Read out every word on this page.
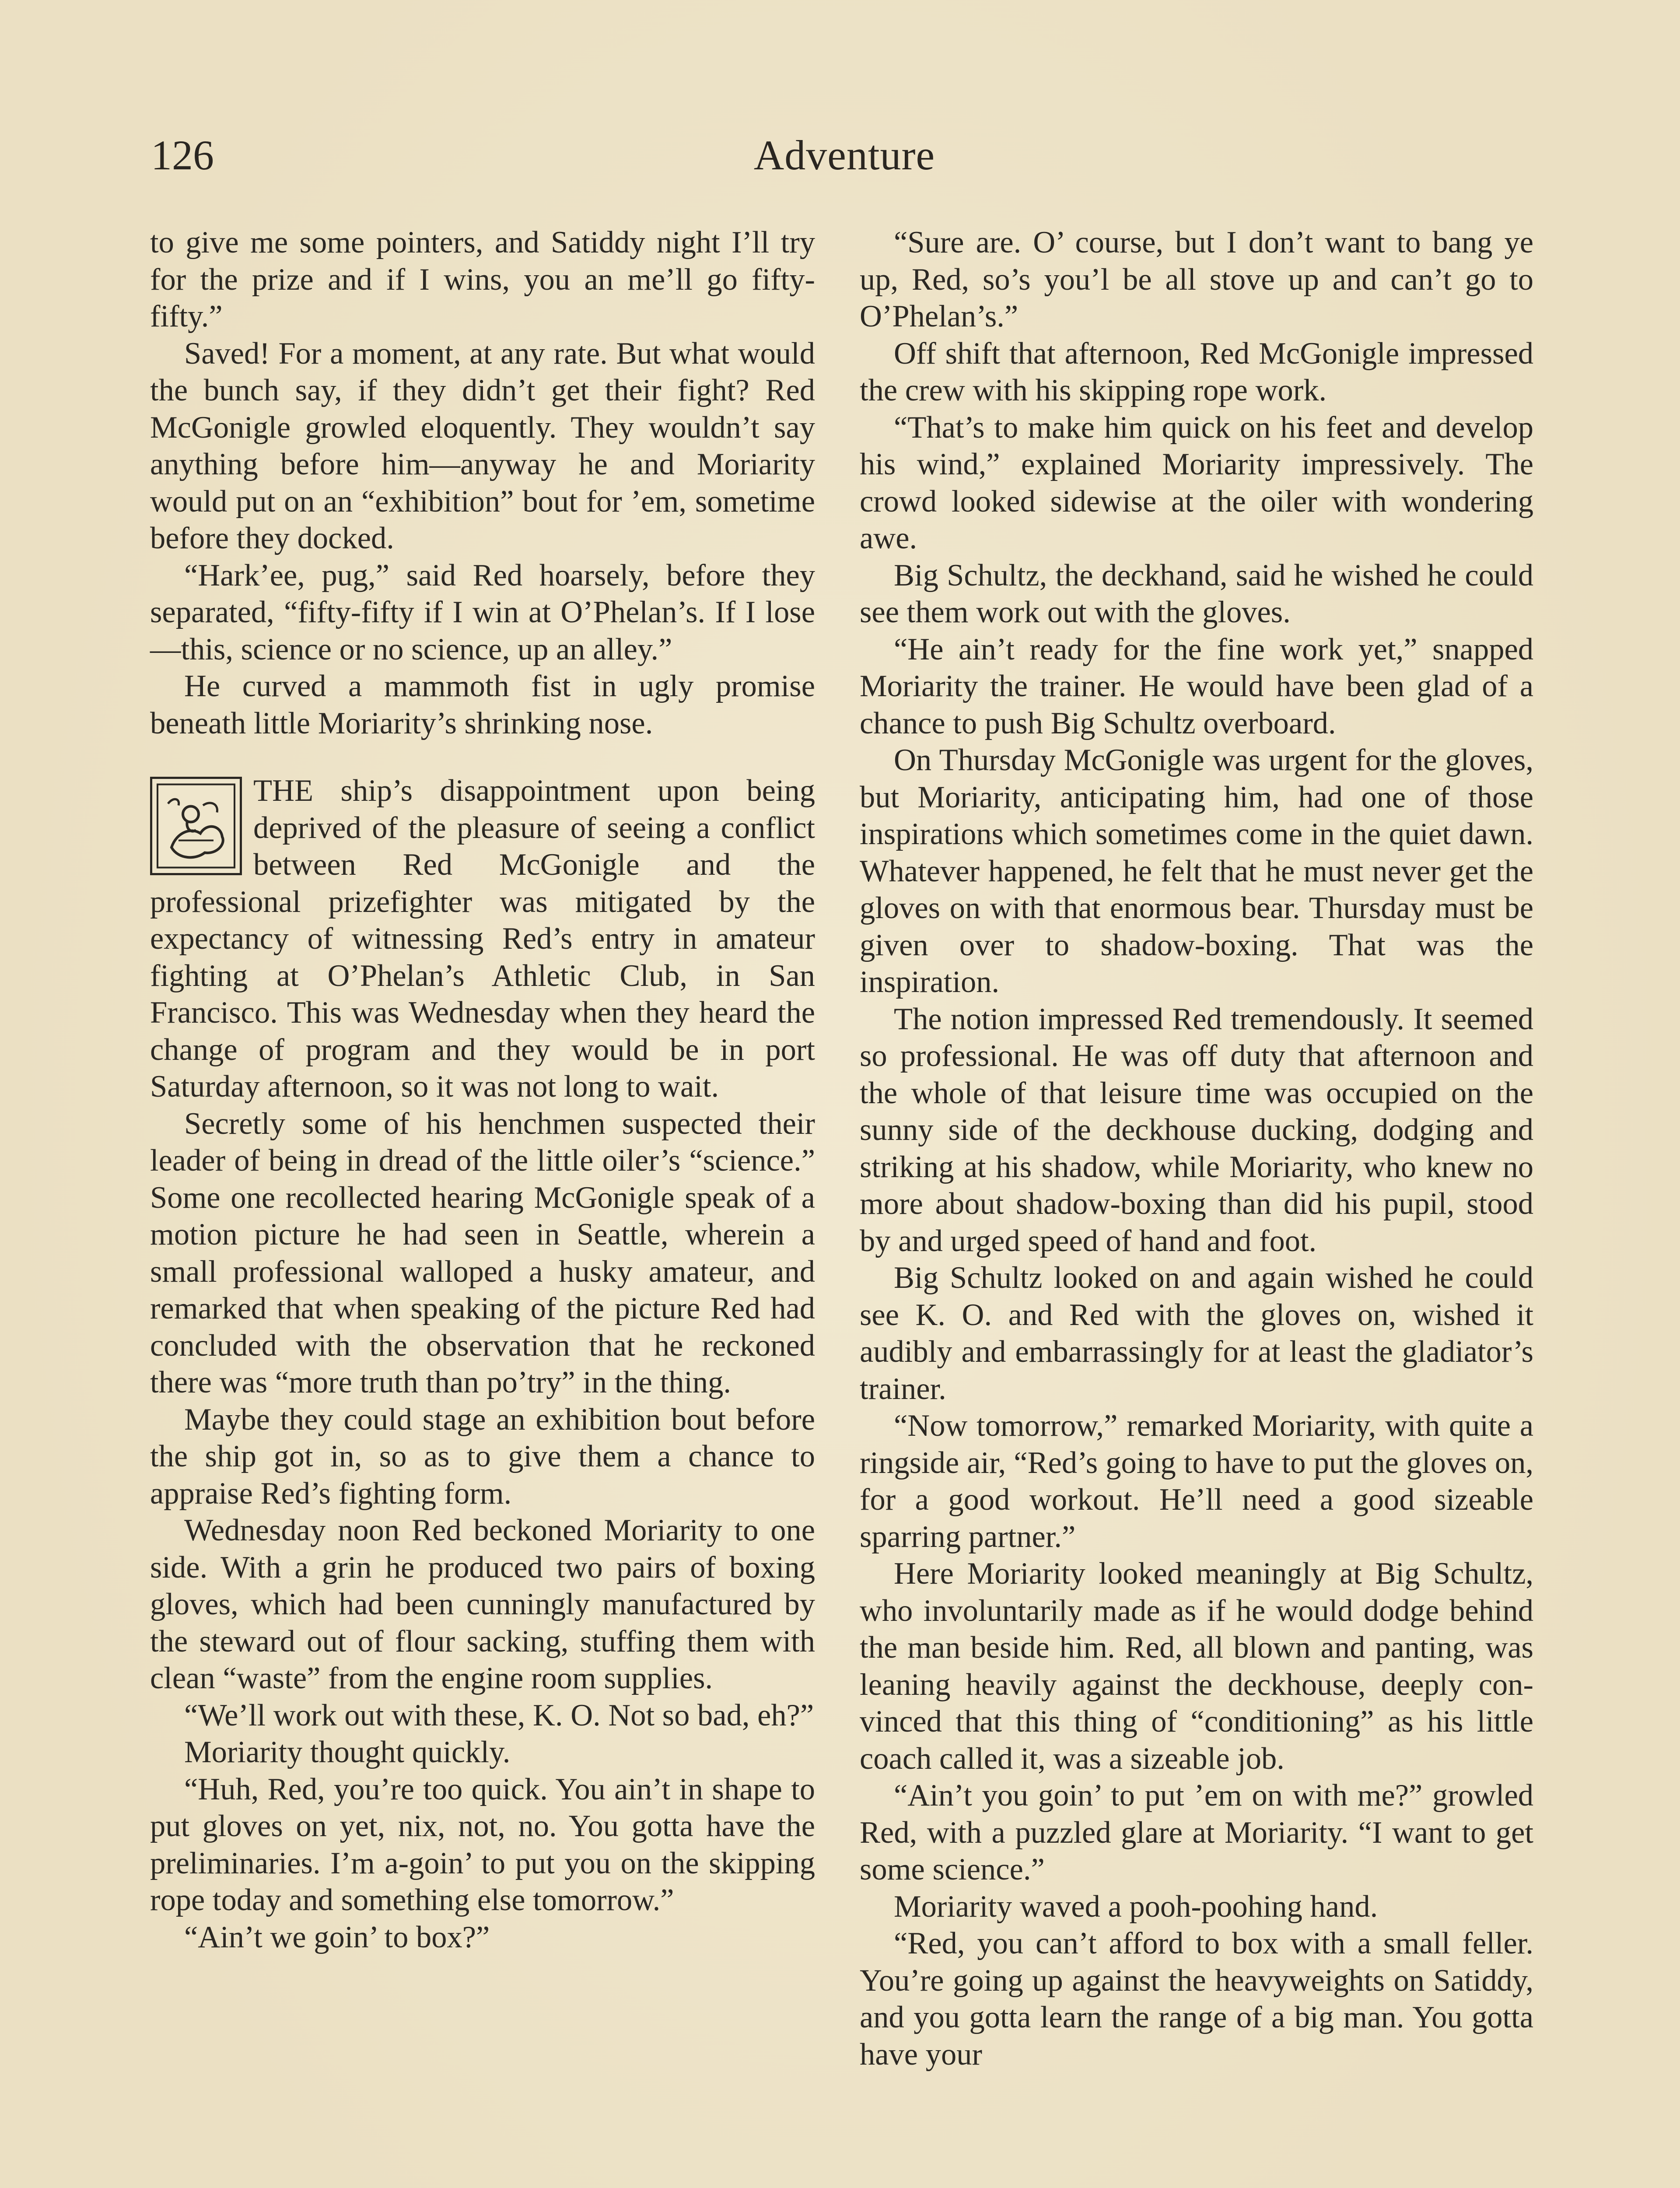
126	Adventure

to give me some pointers, and Satiddy night I’ll try for the prize and if I wins, you an me’ll go fifty-fifty.”

Saved! For a moment, at any rate. But what would the bunch say, if they didn’t get their fight? Red McGonigle growled eloquently. They wouldn’t say anything before him—anyway he and Moriarity would put on an “exhibition” bout for ’em, sometime before they docked.

“Hark’ee, pug,” said Red hoarsely, before they separated, “fifty-fifty if I win at O’Phelan’s. If I lose—this, science or no science, up an alley.”

He curved a mammoth fist in ugly promise beneath little Moriarity’s shrinking nose.

THE ship’s disappointment upon being deprived of the pleasure of seeing a conflict between Red McGonigle and the professional prizefighter was mitigated by the expectancy of witnessing Red’s entry in amateur fighting at O’Phelan’s Athletic Club, in San Francisco. This was Wednesday when they heard the change of program and they would be in port Saturday afternoon, so it was not long to wait.

Secretly some of his henchmen suspected their leader of being in dread of the little oiler’s “science.” Some one recollected hearing McGonigle speak of a motion picture he had seen in Seattle, wherein a small professional walloped a husky amateur, and remarked that when speaking of the picture Red had concluded with the observation that he reckoned there was “more truth than po’try” in the thing.

Maybe they could stage an exhibition bout before the ship got in, so as to give them a chance to appraise Red’s fighting form.

Wednesday noon Red beckoned Moriarity to one side. With a grin he produced two pairs of boxing gloves, which had been cunningly manufactured by the steward out of flour sacking, stuffing them with clean “waste” from the engine room supplies.

“We’ll work out with these, K. O. Not so bad, eh?”

Moriarity thought quickly.

“Huh, Red, you’re too quick. You ain’t in shape to put gloves on yet, nix, not, no. You gotta have the preliminaries. I’m a-goin’ to put you on the skipping rope today and something else tomorrow.”

“Ain’t we goin’ to box?”

“Sure are. O’ course, but I don’t want to bang ye up, Red, so’s you’l be all stove up and can’t go to O’Phelan’s.”

Off shift that afternoon, Red McGonigle impressed the crew with his skipping rope work.

“That’s to make him quick on his feet and develop his wind,” explained Moriarity impressively. The crowd looked sidewise at the oiler with wondering awe.

Big Schultz, the deckhand, said he wished he could see them work out with the gloves.

“He ain’t ready for the fine work yet,” snapped Moriarity the trainer. He would have been glad of a chance to push Big Schultz overboard.

On Thursday McGonigle was urgent for the gloves, but Moriarity, anticipating him, had one of those inspirations which sometimes come in the quiet dawn. Whatever happened, he felt that he must never get the gloves on with that enormous bear. Thursday must be given over to shadow-boxing. That was the inspiration.

The notion impressed Red tremendously. It seemed so professional. He was off duty that afternoon and the whole of that leisure time was occupied on the sunny side of the deckhouse ducking, dodging and striking at his shadow, while Moriarity, who knew no more about shadow-boxing than did his pupil, stood by and urged speed of hand and foot.

Big Schultz looked on and again wished he could see K. O. and Red with the gloves on, wished it audibly and embarrassingly for at least the gladiator’s trainer.

“Now tomorrow,” remarked Moriarity, with quite a ringside air, “Red’s going to have to put the gloves on, for a good workout. He’ll need a good sizeable sparring partner.”

Here Moriarity looked meaningly at Big Schultz, who involuntarily made as if he would dodge behind the man beside him. Red, all blown and panting, was leaning heavily against the deckhouse, deeply convinced that this thing of “conditioning” as his little coach called it, was a sizeable job.

“Ain’t you goin’ to put ’em on with me?” growled Red, with a puzzled glare at Moriarity. “I want to get some science.”

Moriarity waved a pooh-poohing hand.

“Red, you can’t afford to box with a small feller. You’re going up against the heavyweights on Satiddy, and you gotta learn the range of a big man. You gotta have your
